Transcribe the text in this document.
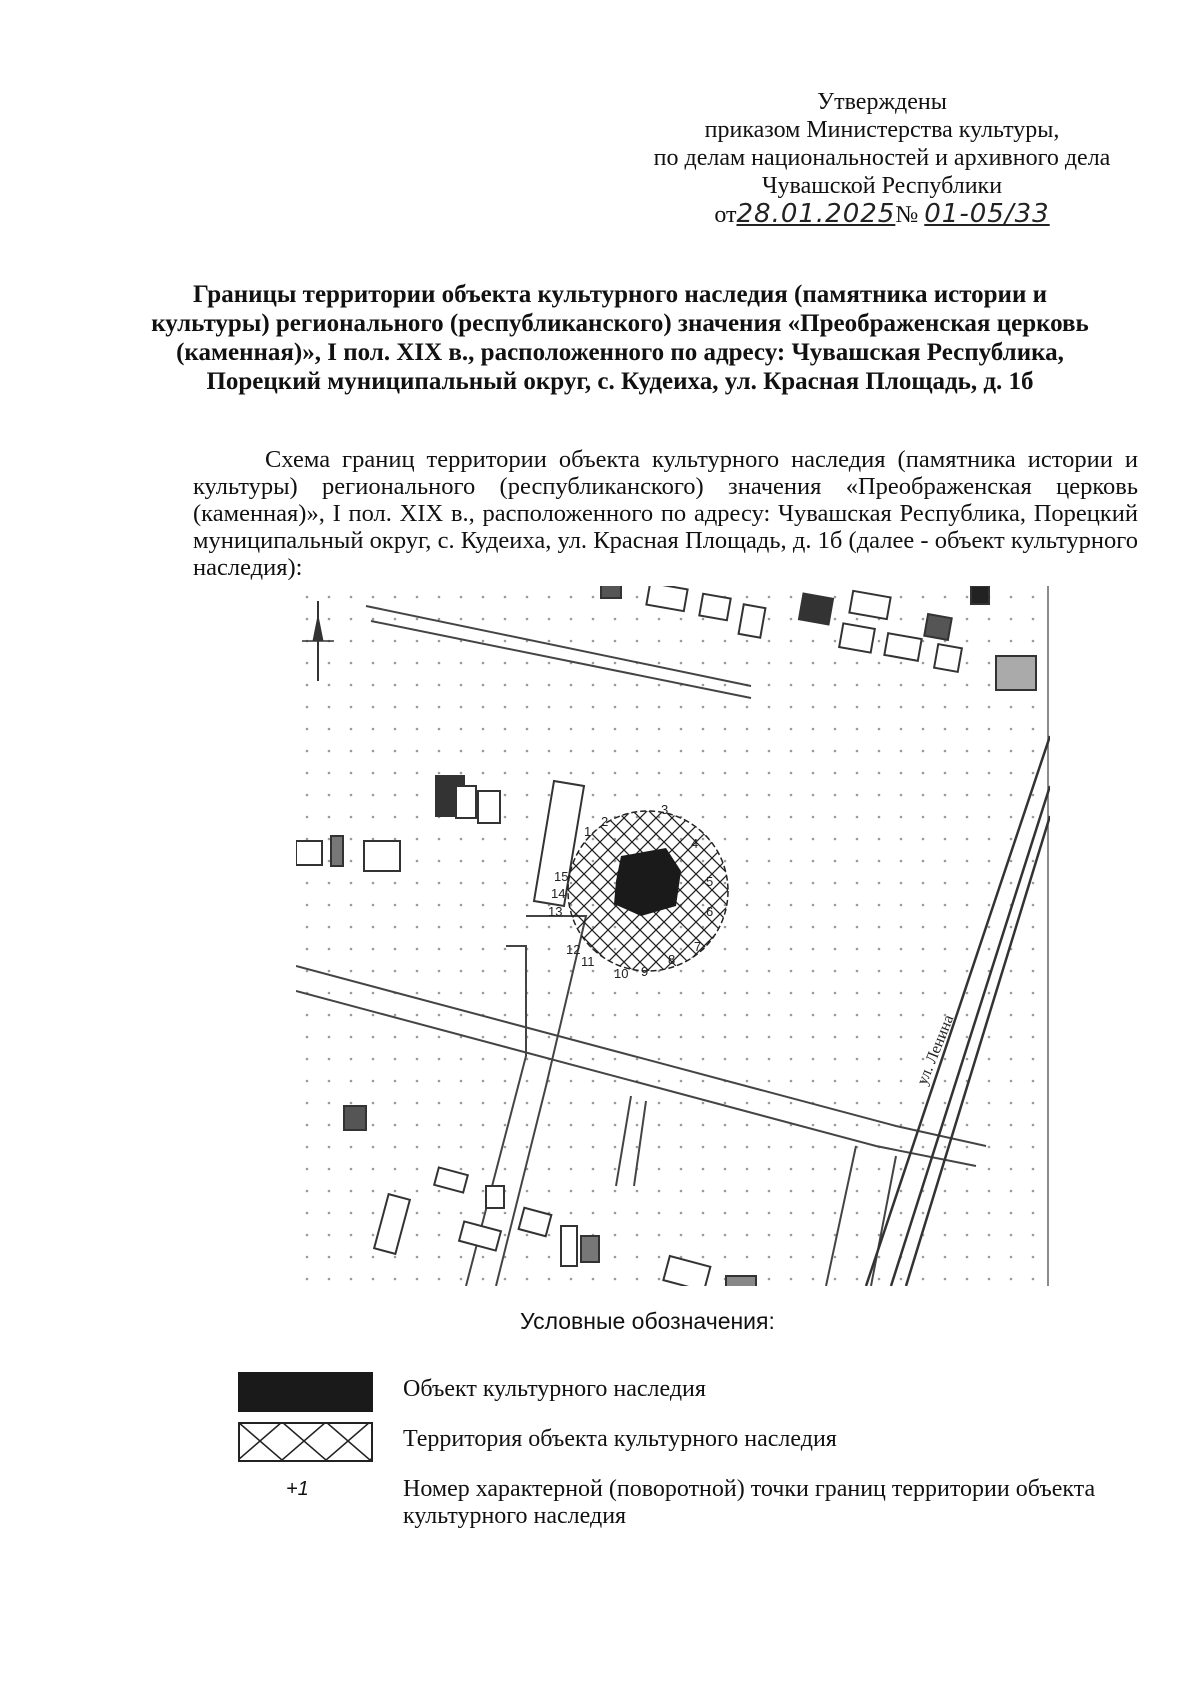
Утверждены
приказом Министерства культуры,
по делам национальностей и архивного дела
Чувашской Республики
от28.01.2025№ 01-05/33
Границы территории объекта культурного наследия (памятника истории и культуры) регионального (республиканского) значения «Преображенская церковь (каменная)», I пол. XIX в., расположенного по адресу: Чувашская Республика, Порецкий муниципальный округ, с. Кудеиха, ул. Красная Площадь, д. 1б
Схема границ территории объекта культурного наследия (памятника истории и культуры) регионального (республиканского) значения «Преображенская церковь (каменная)», I пол. XIX в., расположенного по адресу: Чувашская Республика, Порецкий муниципальный округ, с. Кудеиха, ул. Красная Площадь, д. 1б (далее - объект культурного наследия):
ул. Ленина
1
2
3
4
5
6
7
8
9
10
11
12
13
14
15
Условные обозначения:
Объект культурного наследия
Территория объекта культурного наследия
+1	Номер характерной (поворотной) точки границ территории объекта культурного наследия
